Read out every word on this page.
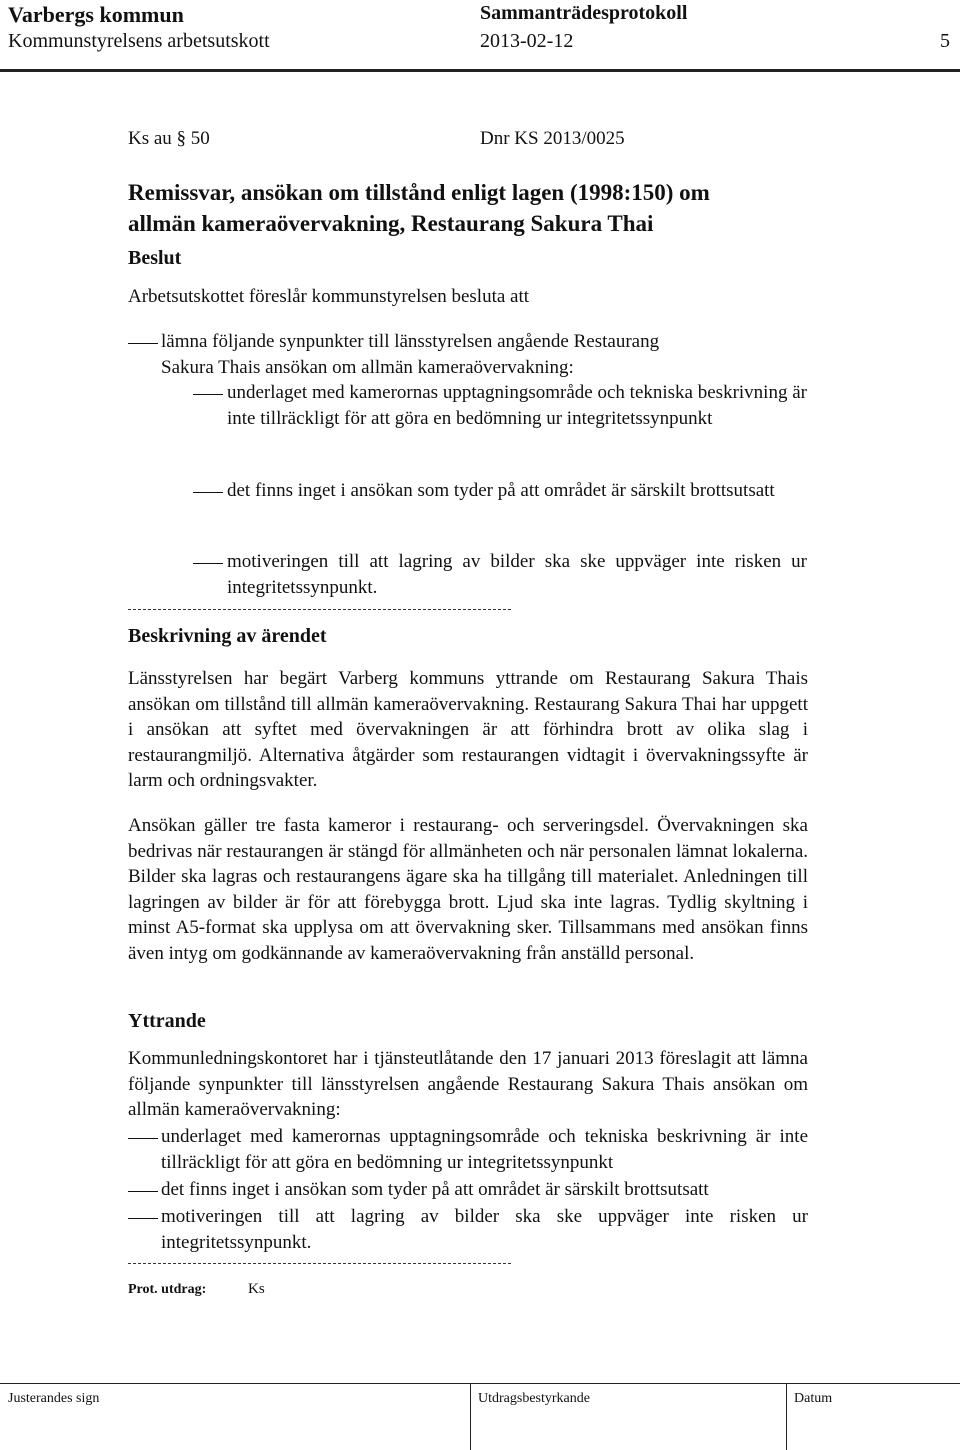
Varbergs kommun	Sammanträdesprotokoll
Kommunstyrelsens arbetsutskott	2013-02-12	5
Ks au § 50	Dnr KS 2013/0025
Remissvar, ansökan om tillstånd enligt lagen (1998:150) om
allmän kameraövervakning, Restaurang Sakura Thai
Beslut
Arbetsutskottet föreslår kommunstyrelsen besluta att
lämna följande synpunkter till länsstyrelsen angående Restaurang
Sakura Thais ansökan om allmän kameraövervakning:
underlaget med kamerornas upptagningsområde och tekniska beskrivning är inte tillräckligt för att göra en bedömning ur integritetssynpunkt
det finns inget i ansökan som tyder på att området är särskilt brottsutsatt
motiveringen till att lagring av bilder ska ske uppväger inte risken ur integritetssynpunkt.
Beskrivning av ärendet
Länsstyrelsen har begärt Varberg kommuns yttrande om Restaurang Sakura Thais ansökan om tillstånd till allmän kameraövervakning. Restaurang Sakura Thai har uppgett i ansökan att syftet med övervakningen är att förhindra brott av olika slag i restaurangmiljö. Alternativa åtgärder som restaurangen vidtagit i övervakningssyfte är larm och ordningsvakter.
Ansökan gäller tre fasta kameror i restaurang- och serveringsdel. Övervakningen ska bedrivas när restaurangen är stängd för allmänheten och när personalen lämnat lokalerna. Bilder ska lagras och restaurangens ägare ska ha tillgång till materialet. Anledningen till lagringen av bilder är för att förebygga brott. Ljud ska inte lagras. Tydlig skyltning i minst A5-format ska upplysa om att övervakning sker. Tillsammans med ansökan finns även intyg om godkännande av kameraövervakning från anställd personal.
Yttrande
Kommunledningskontoret har i tjänsteutlåtande den 17 januari 2013 föreslagit att lämna följande synpunkter till länsstyrelsen angående Restaurang Sakura Thais ansökan om allmän kameraövervakning:
underlaget med kamerornas upptagningsområde och tekniska beskrivning är inte tillräckligt för att göra en bedömning ur integritetssynpunkt
det finns inget i ansökan som tyder på att området är särskilt brottsutsatt
motiveringen till att lagring av bilder ska ske uppväger inte risken ur integritetssynpunkt.
Prot. utdrag:	Ks
Justerandes sign	Utdragsbestyrkande	Datum
